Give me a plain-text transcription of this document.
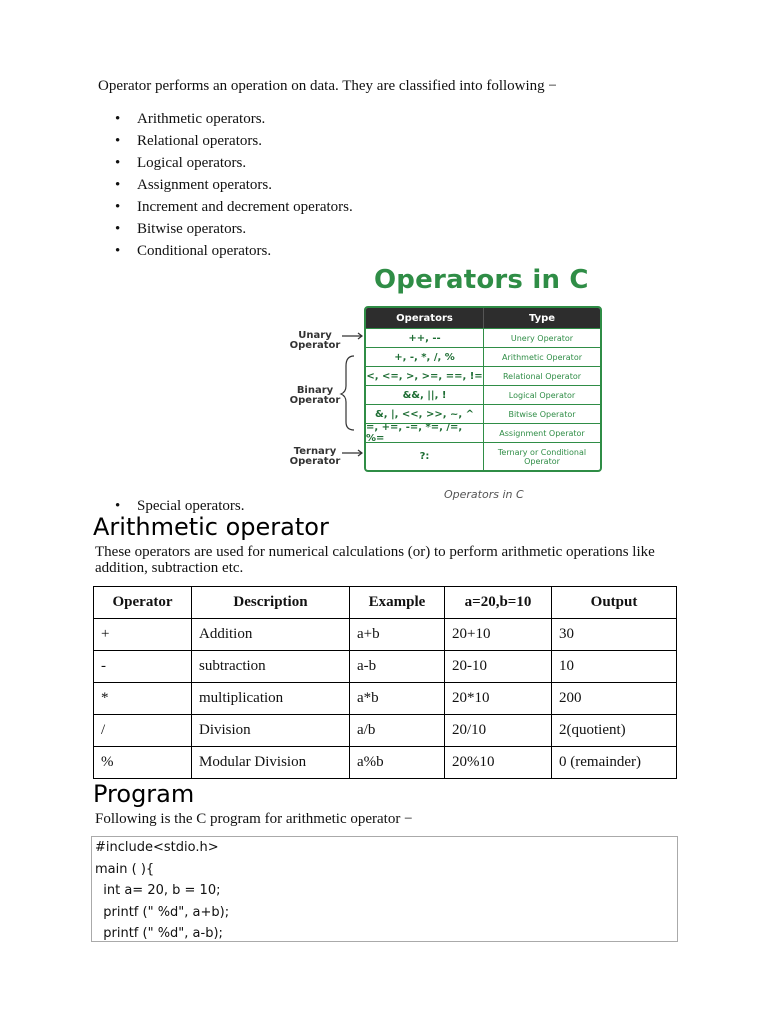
Operator performs an operation on data. They are classified into following −
• Arithmetic operators.
• Relational operators.
• Logical operators.
• Assignment operators.
• Increment and decrement operators.
• Bitwise operators.
• Conditional operators.
Operators in C
Unary
Operator
Binary
Operator
Ternary
Operator
Operators	Type
++, --	Unery Operator
+, -, *, /, %	Arithmetic Operator
<, <=, >, >=, ==, !=	Relational Operator
&&, ||, !	Logical Operator
&, |, <<, >>, ~, ^	Bitwise Operator
=, +=, -=, *=, /=, %=	Assignment Operator
?:	Ternary or Conditional Operator
Operators in C
• Special operators.
Arithmetic operator
These operators are used for numerical calculations (or) to perform arithmetic operations like addition, subtraction etc.
Operator	Description	Example	a=20,b=10	Output
+	Addition	a+b	20+10	30
-	subtraction	a-b	20-10	10
*	multiplication	a*b	20*10	200
/	Division	a/b	20/10	2(quotient)
%	Modular Division	a%b	20%10	0 (remainder)
Program
Following is the C program for arithmetic operator −
#include<stdio.h>
main ( ){
int a= 20, b = 10;
printf (" %d", a+b);
printf (" %d", a-b);
